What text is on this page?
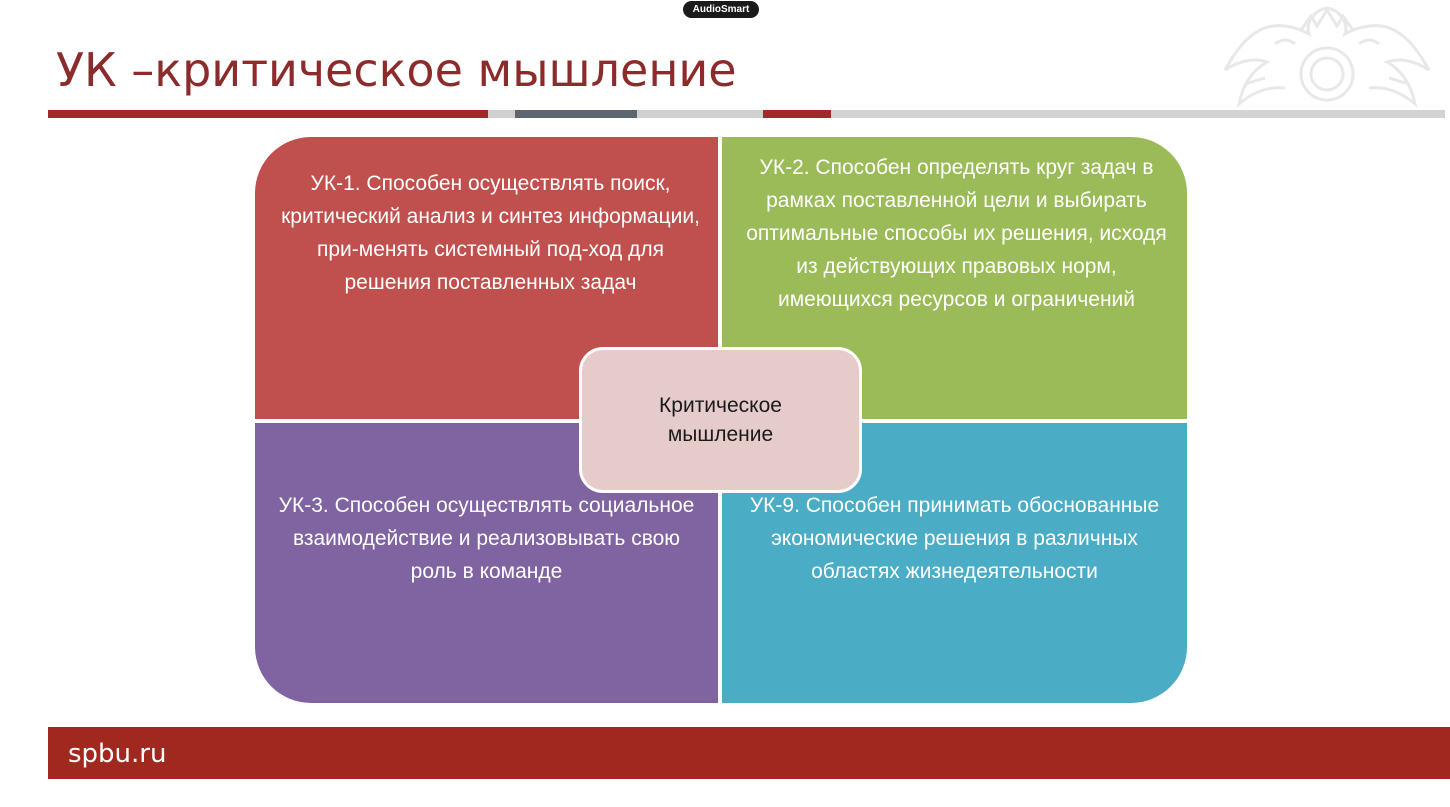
AudioSmart
УК –критическое мышление
УК-1. Способен осуществлять поиск, критический анализ и синтез информации, при-менять системный под-ход для решения поставленных задач
УК-2. Способен определять круг задач в рамках поставленной цели и выбирать оптимальные способы их решения, исходя из действующих правовых норм, имеющихся ресурсов и ограничений
УК-3. Способен осуществлять социальное взаимодействие и реализовывать свою роль в команде
УК-9. Способен принимать обоснованные экономические решения в различных областях жизнедеятельности
Критическое мышление
spbu.ru
